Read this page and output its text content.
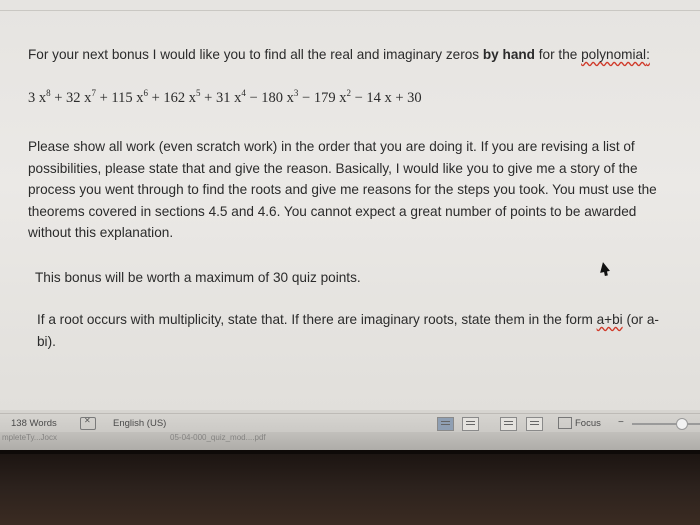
For your next bonus I would like you to find all the real and imaginary zeros by hand for the polynomial:

3 $x^8 + 32$ $x^7 + 115$ $x^6 + 162$ $x^5 + 31$ $x^4 - 180$ $x^3 - 179$ $x^2 - 14$ x + 30

Please show all work (even scratch work) in the order that you are doing it. If you are revising a list of possibilities, please state that and give the reason. Basically, I would like you to give me a story of the process you went through to find the roots and give me reasons for the steps you took. You must use the theorems covered in sections 4.5 and 4.6. You cannot expect a great number of points to be awarded without this explanation.

This bonus will be worth a maximum of 30 quiz points.

If a root occurs with multiplicity, state that. If there are imaginary roots, state them in the form a+bi (or a-bi).

138 Words
✕	English (US)	Focus −
mpleteTy...Jocx	05-04-000_quiz_mod....pdf
